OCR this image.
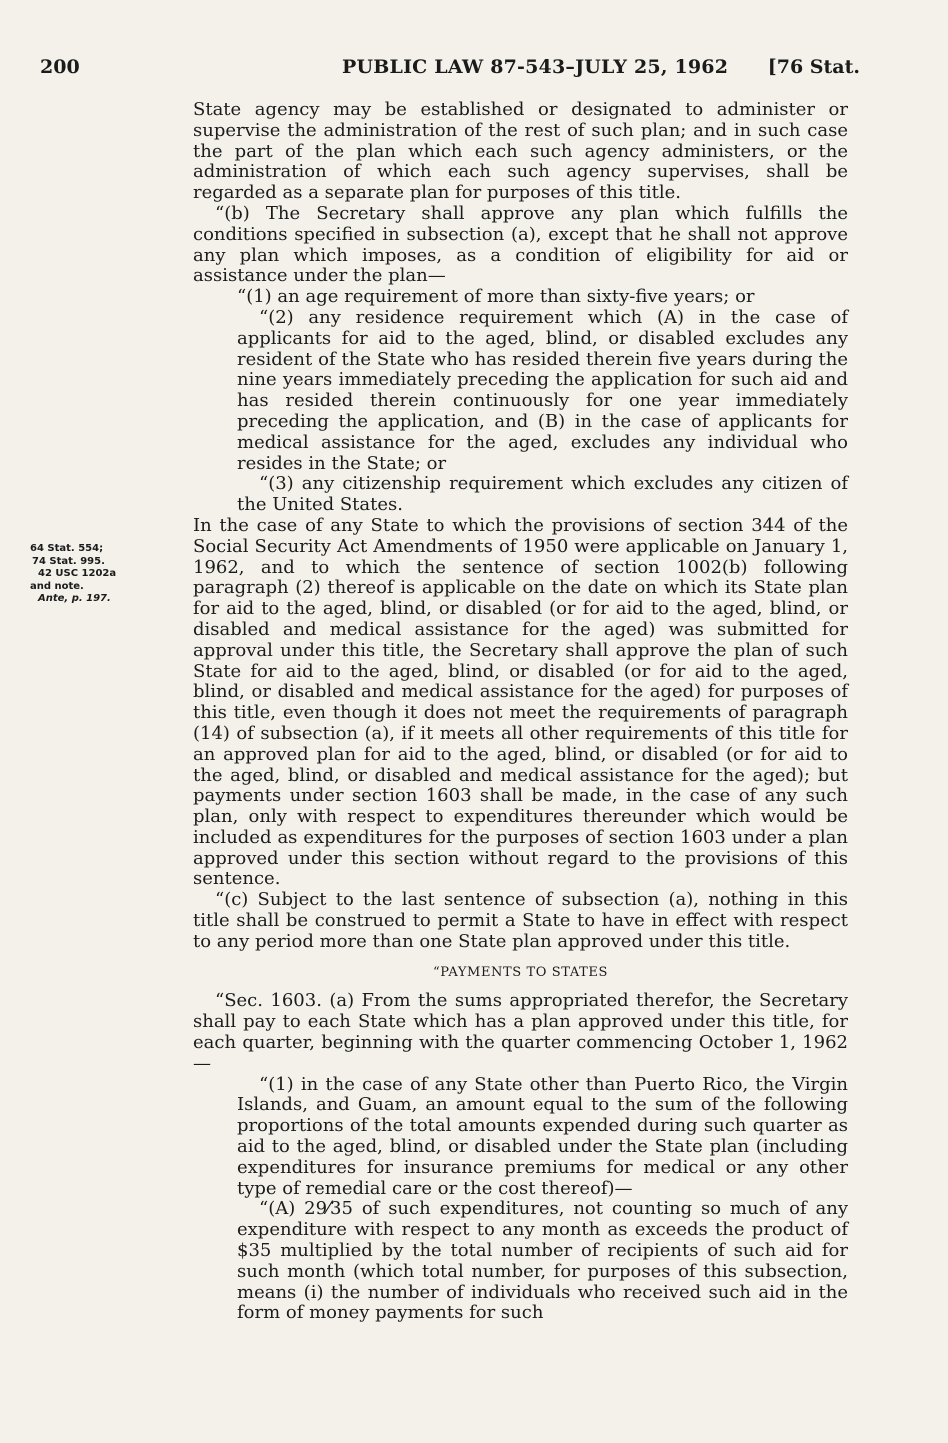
200	PUBLIC LAW 87-543–JULY 25, 1962 [76 Stat.
64 Stat. 554;
74 Stat. 995.
42 USC 1202a
and note.
Ante, p. 197.

State agency may be established or designated to administer or supervise the administration of the rest of such plan; and in such case the part of the plan which each such agency administers, or the administration of which each such agency supervises, shall be regarded as a separate plan for purposes of this title.

“(b) The Secretary shall approve any plan which fulfills the conditions specified in subsection (a), except that he shall not approve any plan which imposes, as a condition of eligibility for aid or assistance under the plan—

“(1) an age requirement of more than sixty-five years; or

“(2) any residence requirement which (A) in the case of applicants for aid to the aged, blind, or disabled excludes any resident of the State who has resided therein five years during the nine years immediately preceding the application for such aid and has resided therein continuously for one year immediately preceding the application, and (B) in the case of applicants for medical assistance for the aged, excludes any individual who resides in the State; or

“(3) any citizenship requirement which excludes any citizen of the United States.

In the case of any State to which the provisions of section 344 of the Social Security Act Amendments of 1950 were applicable on January 1, 1962, and to which the sentence of section 1002(b) following paragraph (2) thereof is applicable on the date on which its State plan for aid to the aged, blind, or disabled (or for aid to the aged, blind, or disabled and medical assistance for the aged) was submitted for approval under this title, the Secretary shall approve the plan of such State for aid to the aged, blind, or disabled (or for aid to the aged, blind, or disabled and medical assistance for the aged) for purposes of this title, even though it does not meet the requirements of paragraph (14) of subsection (a), if it meets all other requirements of this title for an approved plan for aid to the aged, blind, or disabled (or for aid to the aged, blind, or disabled and medical assistance for the aged); but payments under section 1603 shall be made, in the case of any such plan, only with respect to expenditures thereunder which would be included as expenditures for the purposes of section 1603 under a plan approved under this section without regard to the provisions of this sentence.

“(c) Subject to the last sentence of subsection (a), nothing in this title shall be construed to permit a State to have in effect with respect to any period more than one State plan approved under this title.

“PAYMENTS TO STATES

“Sec. 1603. (a) From the sums appropriated therefor, the Secretary shall pay to each State which has a plan approved under this title, for each quarter, beginning with the quarter commencing October 1, 1962—

“(1) in the case of any State other than Puerto Rico, the Virgin Islands, and Guam, an amount equal to the sum of the following proportions of the total amounts expended during such quarter as aid to the aged, blind, or disabled under the State plan (including expenditures for insurance premiums for medical or any other type of remedial care or the cost thereof)—

“(A) 29⁄35 of such expenditures, not counting so much of any expenditure with respect to any month as exceeds the product of $35 multiplied by the total number of recipients of such aid for such month (which total number, for purposes of this subsection, means (i) the number of individuals who received such aid in the form of money payments for such
